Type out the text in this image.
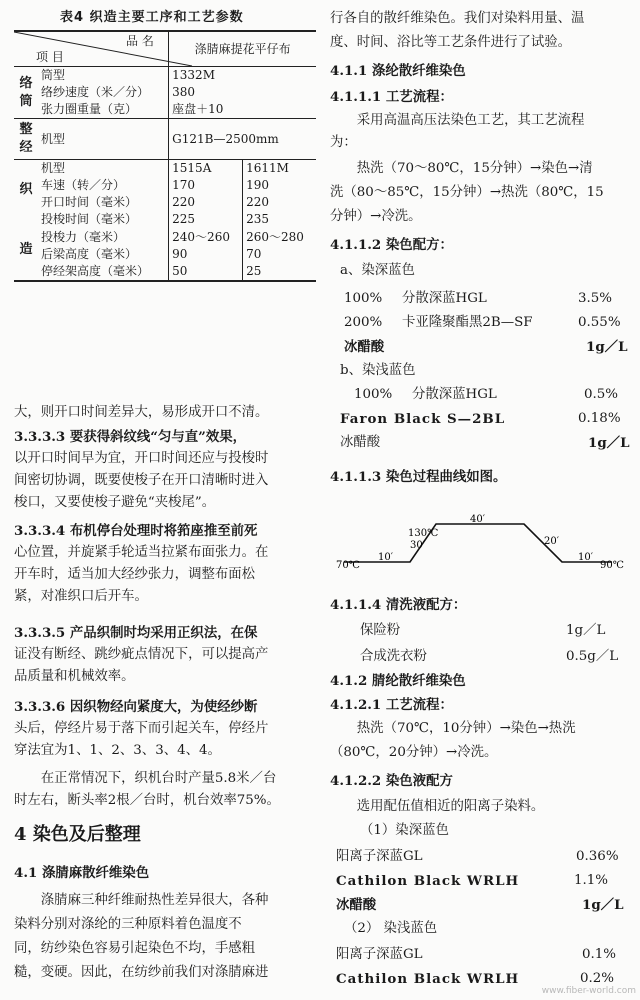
表4 织造主要工序和工艺参数
品 名
项 目		涤腈麻提花平仔布	
络筒	筒型	1332M	
	络纱速度（米／分）	380	
	张力圈重量（克）	座盘＋10	
整经	机型	G121B—2500mm	
织造	机型	1515A	1611M
	车速（转／分）	170	190
	开口时间（毫米）	220	220
	投梭时间（毫米）	225	235
	投梭力（毫米）	240～260	260～280
	后梁高度（毫米）	90	70
	停经架高度（毫米）	50	25
大，则开口时间差异大，易形成开口不清。
3.3.3.3 要获得斜纹线“匀与直”效果，
以开口时间早为宜，开口时间还应与投梭时
间密切协调，既要使梭子在开口清晰时进入
梭口，又要使梭子避免“夹梭尾”。
3.3.3.4 布机停台处理时将筘座推至前死
心位置，并旋紧手轮适当拉紧布面张力。在
开车时，适当加大经纱张力，调整布面松
紧，对准织口后开车。
3.3.3.5 产品织制时均采用正织法，在保
证没有断经、跳纱疵点情况下，可以提高产
品质量和机械效率。
3.3.3.6 因织物经向紧度大，为使经纱断
头后，停经片易于落下而引起关车，停经片
穿法宜为1、1、2、3、3、4、4。
在正常情况下，织机台时产量5.8米／台
时左右，断头率2根／台时，机台效率75%。
4 染色及后整理
4.1 涤腈麻散纤维染色
涤腈麻三种纤维耐热性差异很大，各种
染料分别对涤纶的三种原料着色温度不
同，纺纱染色容易引起染色不均，手感粗
糙，变硬。因此，在纺纱前我们对涤腈麻进
行各自的散纤维染色。我们对染料用量、温
度、时间、浴比等工艺条件进行了试验。
4.1.1 涤纶散纤维染色
4.1.1.1 工艺流程：
采用高温高压法染色工艺，其工艺流程
为：
热洗（70～80℃，15分钟）→染色→清
洗（80～85℃，15分钟）→热洗（80℃，15
分钟）→冷洗。
4.1.1.2 染色配方：
a、染深蓝色
100% 分散深蓝HGL	3.5%
200% 卡亚隆聚酯黑2B—SF	0.55%
冰醋酸	1g／L
b、染浅蓝色
100% 分散深蓝HGL	0.5%
Faron Black S—2BL	0.18%
冰醋酸	1g／L
4.1.1.3 染色过程曲线如图。
70℃
10′
130℃
30′
40′
20′
10′
90℃
4.1.1.4 清洗液配方：
保险粉	1g／L
合成洗衣粉	0.5g／L
4.1.2 腈纶散纤维染色
4.1.2.1 工艺流程：
热洗（70℃，10分钟）→染色→热洗
（80℃，20分钟）→冷洗。
4.1.2.2 染色液配方
选用配伍值相近的阳离子染料。
（1）染深蓝色
阳离子深蓝GL	0.36%
Cathilon Black WRLH	1.1%
冰醋酸	1g／L
（2） 染浅蓝色
阳离子深蓝GL	0.1%
Cathilon Black WRLH	0.2%
www.fiber-world.com
